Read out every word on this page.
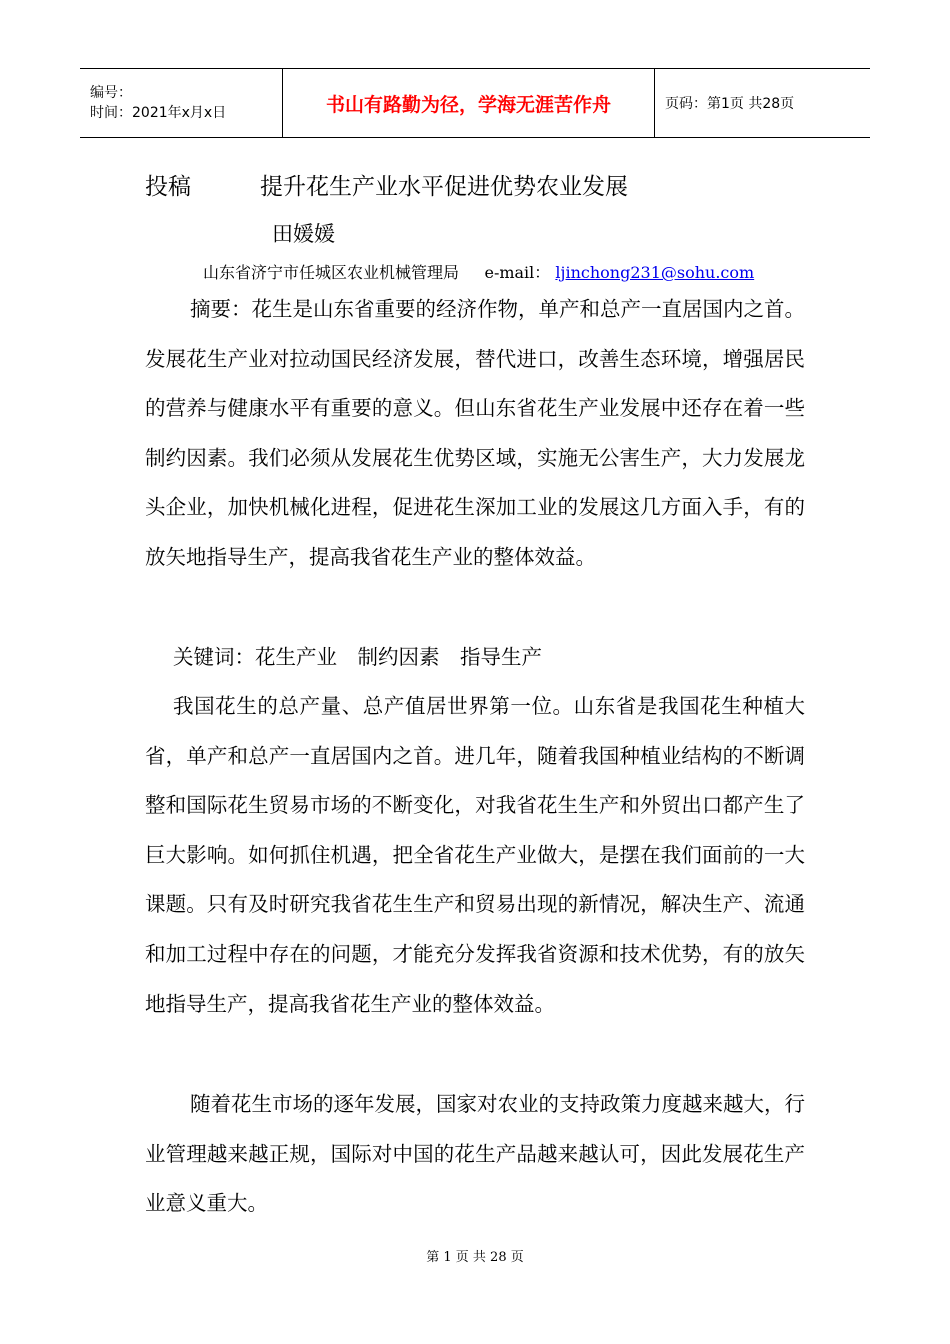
编号：
时间：2021年x月x日	书山有路勤为径，学海无涯苦作舟	页码：第1页 共28页
投稿	提升花生产业水平促进优势农业发展
田媛媛
山东省济宁市任城区农业机械管理局 e-mail： ljinchong231@sohu.com

摘要：花生是山东省重要的经济作物，单产和总产一直居国内之首。发展花生产业对拉动国民经济发展，替代进口，改善生态环境，增强居民的营养与健康水平有重要的意义。但山东省花生产业发展中还存在着一些制约因素。我们必须从发展花生优势区域，实施无公害生产，大力发展龙头企业，加快机械化进程，促进花生深加工业的发展这几方面入手，有的放矢地指导生产，提高我省花生产业的整体效益。

关键词：花生产业　制约因素　指导生产

我国花生的总产量、总产值居世界第一位。山东省是我国花生种植大省，单产和总产一直居国内之首。进几年，随着我国种植业结构的不断调整和国际花生贸易市场的不断变化，对我省花生生产和外贸出口都产生了巨大影响。如何抓住机遇，把全省花生产业做大，是摆在我们面前的一大课题。只有及时研究我省花生生产和贸易出现的新情况，解决生产、流通和加工过程中存在的问题，才能充分发挥我省资源和技术优势，有的放矢地指导生产，提高我省花生产业的整体效益。

随着花生市场的逐年发展，国家对农业的支持政策力度越来越大，行业管理越来越正规，国际对中国的花生产品越来越认可，因此发展花生产业意义重大。

第 1 页 共 28 页
